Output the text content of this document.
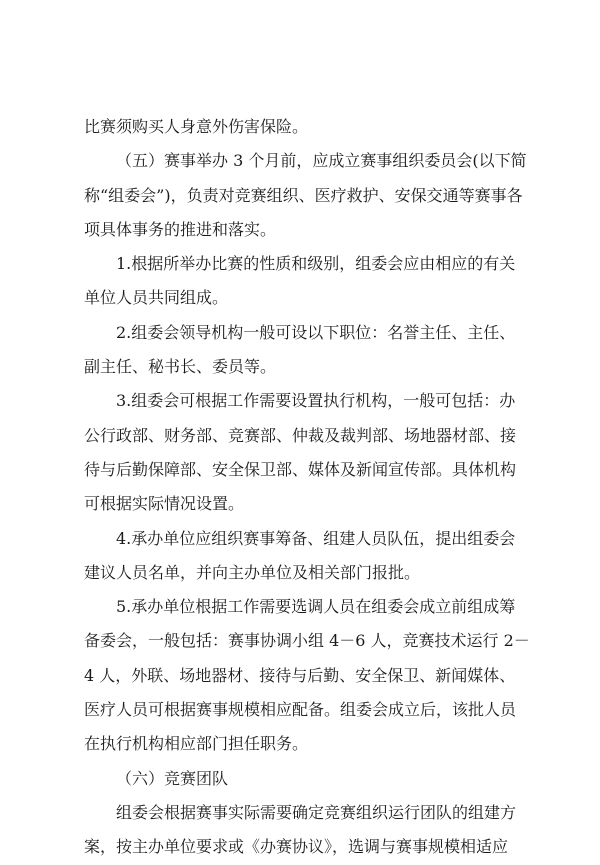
比赛须购买人身意外伤害保险。
（五）赛事举办 3 个月前，应成立赛事组织委员会(以下简
称“组委会”)，负责对竞赛组织、医疗救护、安保交通等赛事各
项具体事务的推进和落实。
1.根据所举办比赛的性质和级别，组委会应由相应的有关
单位人员共同组成。
2.组委会领导机构一般可设以下职位：名誉主任、主任、
副主任、秘书长、委员等。
3.组委会可根据工作需要设置执行机构，一般可包括：办
公行政部、财务部、竞赛部、仲裁及裁判部、场地器材部、接
待与后勤保障部、安全保卫部、媒体及新闻宣传部。具体机构
可根据实际情况设置。
4.承办单位应组织赛事筹备、组建人员队伍，提出组委会
建议人员名单，并向主办单位及相关部门报批。
5.承办单位根据工作需要选调人员在组委会成立前组成筹
备委会，一般包括：赛事协调小组 4－6 人，竞赛技术运行 2－
4 人，外联、场地器材、接待与后勤、安全保卫、新闻媒体、
医疗人员可根据赛事规模相应配备。组委会成立后，该批人员
在执行机构相应部门担任职务。
（六）竞赛团队
组委会根据赛事实际需要确定竞赛组织运行团队的组建方
案，按主办单位要求或《办赛协议》，选调与赛事规模相适应
